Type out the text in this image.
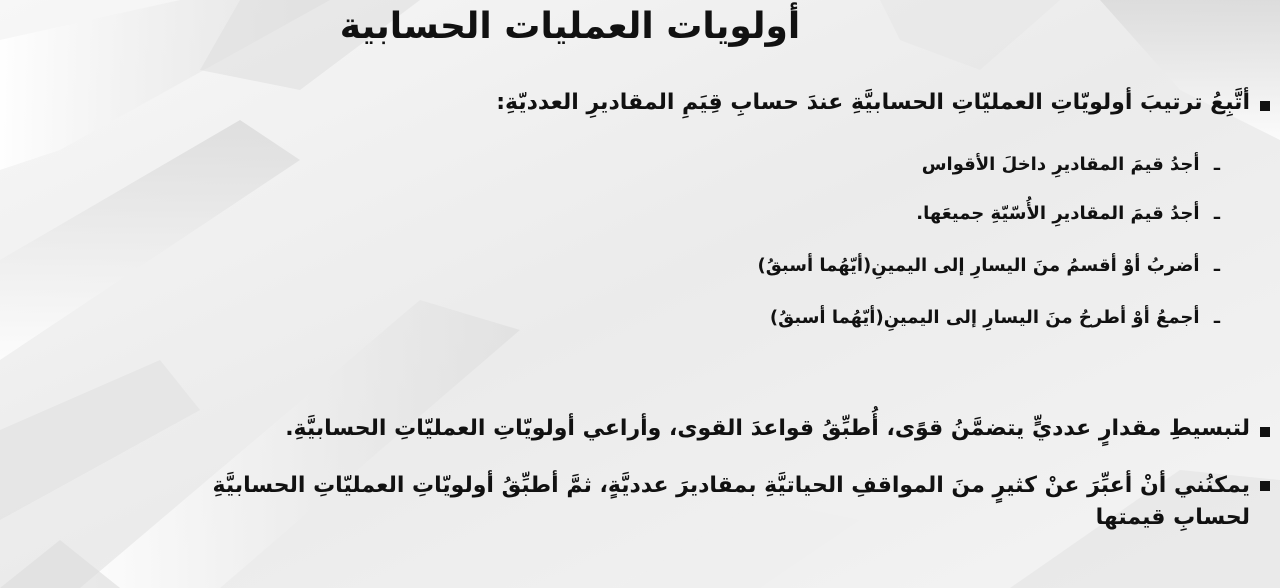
أولويات العمليات الحسابية
أتَّبِعُ ترتيبَ أولويّاتِ العمليّاتِ الحسابيَّةِ عندَ حسابِ قِيَمِ المقاديرِ العدديّةِ:
ـ أجدُ قيمَ المقاديرِ داخلَ الأقواس
ـ أجدُ قيمَ المقاديرِ الأُسّيّةِ جميعَها.
ـ أضربُ أوْ أقسمُ منَ اليسارِ إلى اليمينِ(أيّهُما أسبقُ)
ـ أجمعُ أوْ أطرحُ منَ اليسارِ إلى اليمينِ(أيّهُما أسبقُ)
لتبسيطِ مقدارٍ عدديٍّ يتضمَّنُ قوًى، أُطبِّقُ قواعدَ القوى، وأراعي أولويّاتِ العمليّاتِ الحسابيَّةِ.
يمكنُني أنْ أعبِّرَ عنْ كثيرٍ منَ المواقفِ الحياتيَّةِ بمقاديرَ عدديَّةٍ، ثمَّ أطبِّقُ أولويّاتِ العمليّاتِ الحسابيَّةِ
لحسابِ قيمتها
